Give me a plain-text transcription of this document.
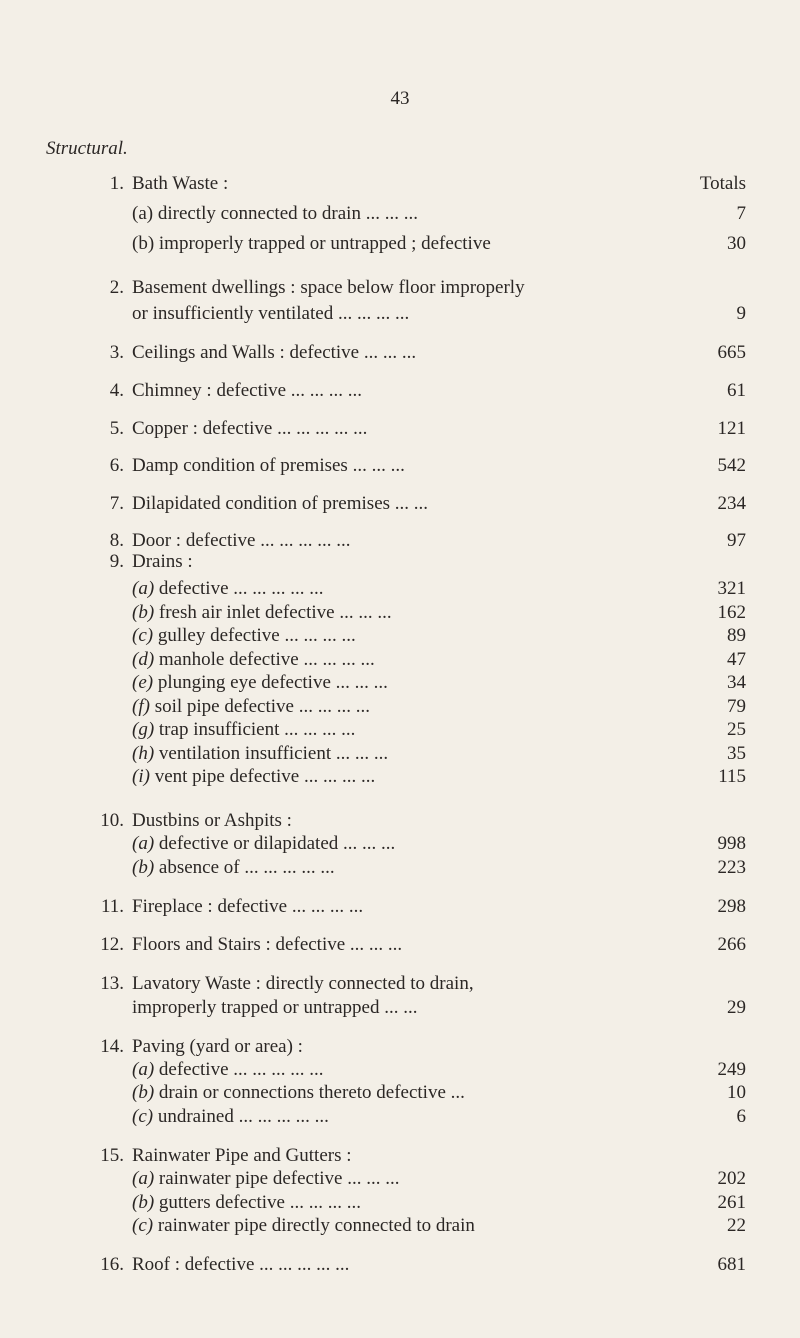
43
Structural.
1. Bath Waste :	Totals
(a) directly connected to drain ... ... ...	7
(b) improperly trapped or untrapped ; defective	30
2. Basement dwellings : space below floor improperly
or insufficiently ventilated ... ... ... ...	9
3. Ceilings and Walls : defective ... ... ...	665
4. Chimney : defective ... ... ... ...	61
5. Copper : defective ... ... ... ... ...	121
6. Damp condition of premises ... ... ...	542
7. Dilapidated condition of premises ... ...	234
8. Door : defective ... ... ... ... ...	97
9. Drains :
(a) defective ... ... ... ... ...	321
(b) fresh air inlet defective ... ... ...	162
(c) gulley defective ... ... ... ...	89
(d) manhole defective ... ... ... ...	47
(e) plunging eye defective ... ... ...	34
(f) soil pipe defective ... ... ... ...	79
(g) trap insufficient ... ... ... ...	25
(h) ventilation insufficient ... ... ...	35
(i) vent pipe defective ... ... ... ...	115
10. Dustbins or Ashpits :
(a) defective or dilapidated ... ... ...	998
(b) absence of ... ... ... ... ...	223
11. Fireplace : defective ... ... ... ...	298
12. Floors and Stairs : defective ... ... ...	266
13. Lavatory Waste : directly connected to drain,
improperly trapped or untrapped ... ...	29
14. Paving (yard or area) :
(a) defective ... ... ... ... ...	249
(b) drain or connections thereto defective ...	10
(c) undrained ... ... ... ... ...	6
15. Rainwater Pipe and Gutters :
(a) rainwater pipe defective ... ... ...	202
(b) gutters defective ... ... ... ...	261
(c) rainwater pipe directly connected to drain	22
16. Roof : defective ... ... ... ... ...	681
